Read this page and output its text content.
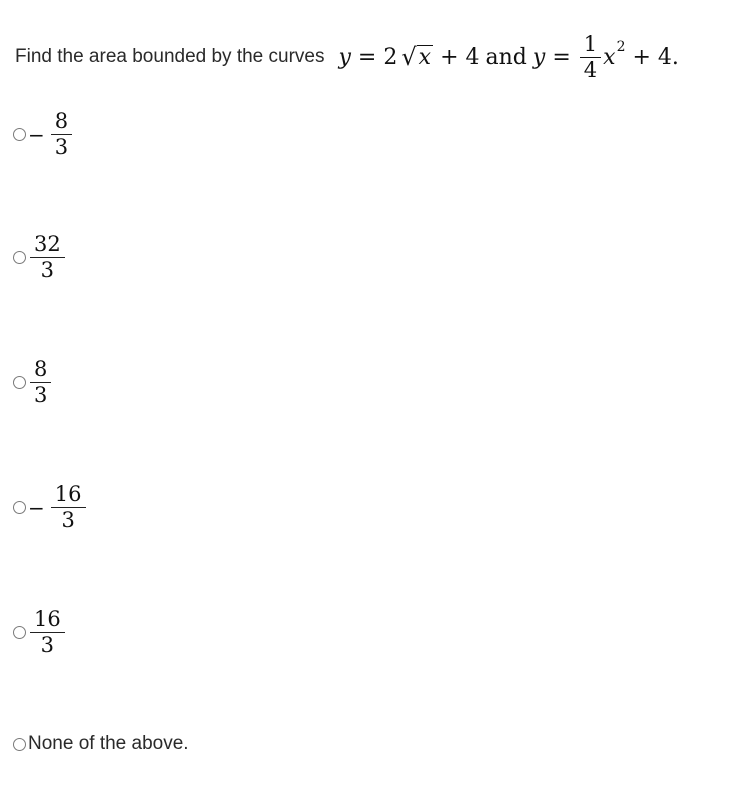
Find the area bounded by the curves y = 2 √ x + 4 and $y = \frac{1}{4} x^2 + 4$ .
− $\frac{8}{3}$
$\frac{32}{3}$
$\frac{8}{3}$
− $\frac{16}{3}$
$\frac{16}{3}$
None of the above.
